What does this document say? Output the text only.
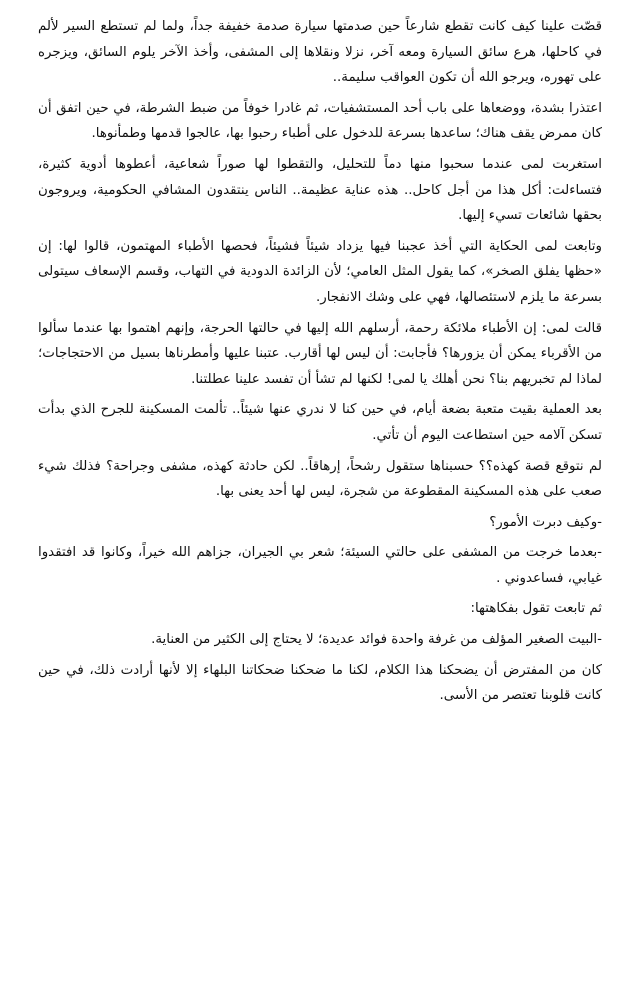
قصّت علينا كيف كانت تقطع شارعاً حين صدمتها سيارة صدمة خفيفة جداً، ولما لم تستطع السير لألم في كاحلها، هرع سائق السيارة ومعه آخر، نزلا ونقلاها إلى المشفى، وأخذ الآخر يلوم السائق، ويزجره على تهوره، ويرجو الله أن تكون العواقب سليمة..

اعتذرا بشدة، ووضعاها على باب أحد المستشفيات، ثم غادرا خوفاً من ضبط الشرطة، في حين اتفق أن كان ممرض يقف هناك؛ ساعدها بسرعة للدخول على أطباء رحبوا بها، عالجوا قدمها وطمأنوها.

استغربت لمى عندما سحبوا منها دماً للتحليل، والتقطوا لها صوراً شعاعية، أعطوها أدوية كثيرة، فتساءلت: أكل هذا من أجل كاحل.. هذه عناية عظيمة.. الناس ينتقدون المشافي الحكومية، ويروجون بحقها شائعات تسيء إليها.

وتابعت لمى الحكاية التي أخذ عجبنا فيها يزداد شيئاً فشيئاً، فحصها الأطباء المهتمون، قالوا لها: إن «حظها يفلق الصخر»، كما يقول المثل العامي؛ لأن الزائدة الدودية في التهاب، وقسم الإسعاف سيتولى بسرعة ما يلزم لاستئصالها، فهي على وشك الانفجار.

قالت لمى: إن الأطباء ملائكة رحمة، أرسلهم الله إليها في حالتها الحرجة، وإنهم اهتموا بها عندما سألوا من الأقرباء يمكن أن يزورها؟ فأجابت: أن ليس لها أقارب. عتبنا عليها وأمطرناها بسيل من الاحتجاجات؛ لماذا لم تخبريهم بنا؟ نحن أهلك يا لمى! لكنها لم تشأ أن تفسد علينا عطلتنا.

بعد العملية بقيت متعبة بضعة أيام، في حين كنا لا ندري عنها شيئاً.. تألمت المسكينة للجرح الذي بدأت تسكن آلامه حين استطاعت اليوم أن تأتي.

لم نتوقع قصة كهذه؟؟ حسبناها ستقول رشحاً، إرهاقاً.. لكن حادثة كهذه، مشفى وجراحة؟ فذلك شيء صعب على هذه المسكينة المقطوعة من شجرة، ليس لها أحد يعنى بها.

-وكيف دبرت الأمور؟

-بعدما خرجت من المشفى على حالتي السيئة؛ شعر بي الجيران، جزاهم الله خيراً، وكانوا قد افتقدوا غيابي، فساعدوني .

ثم تابعت تقول بفكاهتها:

-البيت الصغير المؤلف من غرفة واحدة فوائد عديدة؛ لا يحتاج إلى الكثير من العناية.

كان من المفترض أن يضحكنا هذا الكلام، لكنا ما ضحكنا ضحكاتنا البلهاء إلا لأنها أرادت ذلك، في حين كانت قلوبنا تعتصر من الأسى.
